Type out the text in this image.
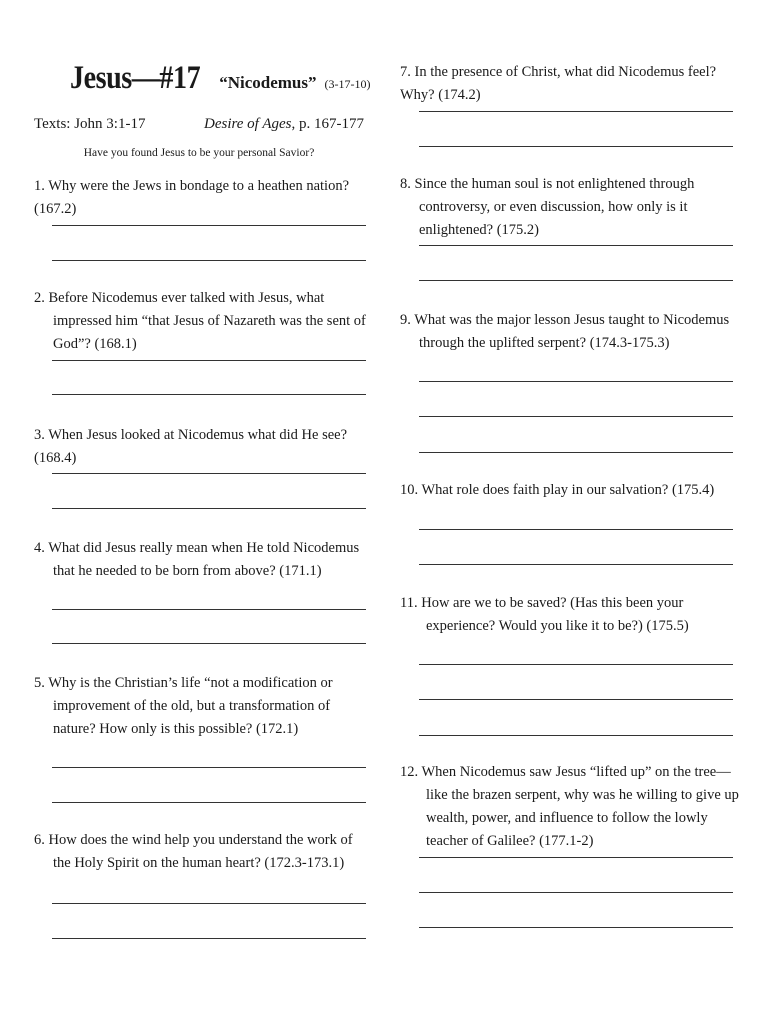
Jesus—#17 “Nicodemus” (3-17-10)
Texts: John 3:1-17	Desire of Ages, p. 167-177
Have you found Jesus to be your personal Savior?
1. Why were the Jews in bondage to a heathen nation? (167.2)
2. Before Nicodemus ever talked with Jesus, what impressed him “that Jesus of Nazareth was the sent of God”? (168.1)
3. When Jesus looked at Nicodemus what did He see? (168.4)
4. What did Jesus really mean when He told Nicodemus that he needed to be born from above? (171.1)
5. Why is the Christian’s life “not a modification or improvement of the old, but a transformation of nature? How only is this possible? (172.1)
6. How does the wind help you understand the work of the Holy Spirit on the human heart? (172.3-173.1)
7. In the presence of Christ, what did Nicodemus feel? Why? (174.2)
8. Since the human soul is not enlightened through controversy, or even discussion, how only is it enlightened? (175.2)
9. What was the major lesson Jesus taught to Nicodemus through the uplifted serpent? (174.3-175.3)
10. What role does faith play in our salvation? (175.4)
11. How are we to be saved? (Has this been your experience? Would you like it to be?) (175.5)
12. When Nicodemus saw Jesus “lifted up” on the tree—like the brazen serpent, why was he willing to give up wealth, power, and influence to follow the lowly teacher of Galilee? (177.1-2)
